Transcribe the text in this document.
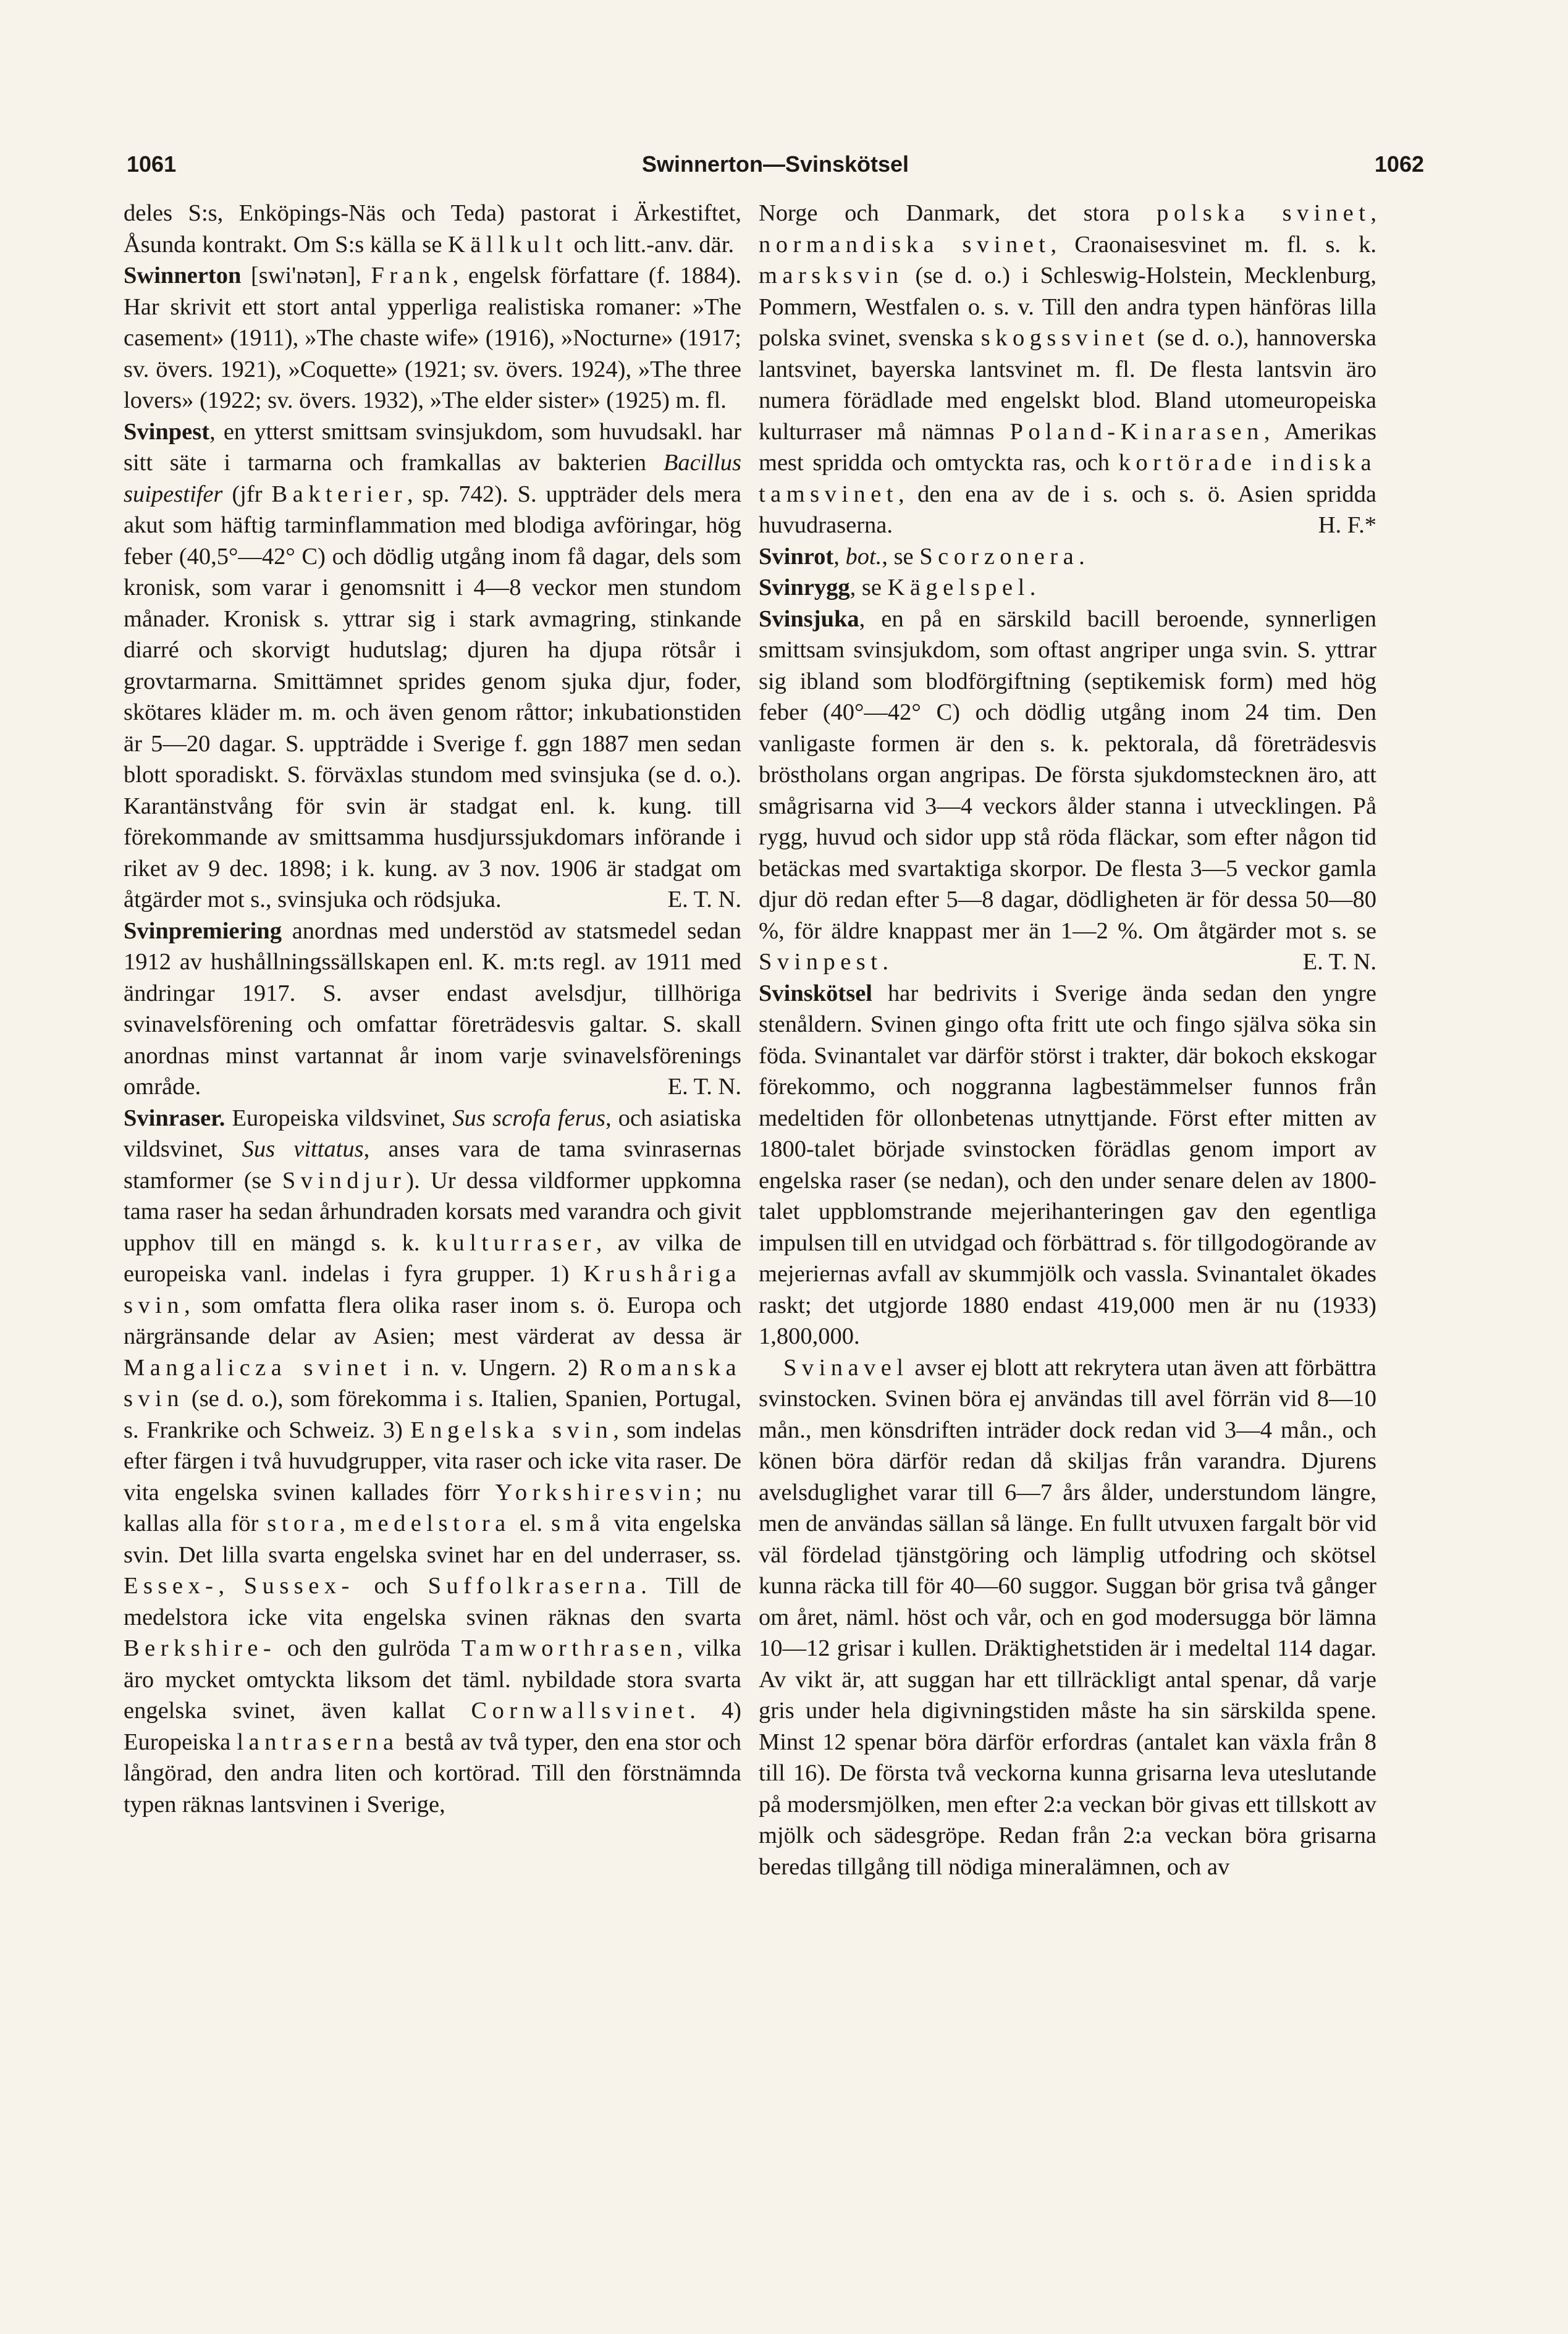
1061	Swinnerton—Svinskötsel	1062

deles S:s, Enköpings-Näs och Teda) pastorat i Ärkestiftet, Åsunda kontrakt. Om S:s källa se Källkult och litt.-anv. där.

Swinnerton [swi'nətən], Frank, engelsk författare (f. 1884). Har skrivit ett stort antal ypperliga realistiska romaner: »The casement» (1911), »The chaste wife» (1916), »Nocturne» (1917; sv. övers. 1921), »Coquette» (1921; sv. övers. 1924), »The three lovers» (1922; sv. övers. 1932), »The elder sister» (1925) m. fl.

Svinpest, en ytterst smittsam svinsjukdom, som huvudsakl. har sitt säte i tarmarna och framkallas av bakterien Bacillus suipestifer (jfr Bakterier, sp. 742). S. uppträder dels mera akut som häftig tarminflammation med blodiga avföringar, hög feber (40,5°—42° C) och dödlig utgång inom få dagar, dels som kronisk, som varar i genomsnitt i 4—8 veckor men stundom månader. Kronisk s. yttrar sig i stark avmagring, stinkande diarré och skorvigt hudutslag; djuren ha djupa rötsår i grovtarmarna. Smittämnet sprides genom sjuka djur, foder, skötares kläder m. m. och även genom råttor; inkubationstiden är 5—20 dagar. S. uppträdde i Sverige f. ggn 1887 men sedan blott sporadiskt. S. förväxlas stundom med svinsjuka (se d. o.). Karantänstvång för svin är stadgat enl. k. kung. till förekommande av smittsamma husdjurssjukdomars införande i riket av 9 dec. 1898; i k. kung. av 3 nov. 1906 är stadgat om åtgärder mot s., svinsjuka och rödsjuka.	E. T. N.

Svinpremiering anordnas med understöd av statsmedel sedan 1912 av hushållningssällskapen enl. K. m:ts regl. av 1911 med ändringar 1917. S. avser endast avelsdjur, tillhöriga svinavelsförening och omfattar företrädesvis galtar. S. skall anordnas minst vartannat år inom varje svinavelsförenings område.	E. T. N.

Svinraser. Europeiska vildsvinet, Sus scrofa ferus, och asiatiska vildsvinet, Sus vittatus, anses vara de tama svinrasernas stamformer (se Svindjur). Ur dessa vildformer uppkomna tama raser ha sedan århundraden korsats med varandra och givit upphov till en mängd s. k. kulturraser, av vilka de europeiska vanl. indelas i fyra grupper. 1) Krushåriga svin, som omfatta flera olika raser inom s. ö. Europa och närgränsande delar av Asien; mest värderat av dessa är Mangalicza svinet i n. v. Ungern. 2) Romanska svin (se d. o.), som förekomma i s. Italien, Spanien, Portugal, s. Frankrike och Schweiz. 3) Engelska svin, som indelas efter färgen i två huvudgrupper, vita raser och icke vita raser. De vita engelska svinen kallades förr Yorkshiresvin; nu kallas alla för stora, medelstora el. små vita engelska svin. Det lilla svarta engelska svinet har en del underraser, ss. Essex-, Sussex- och Suffolkraserna. Till de medelstora icke vita engelska svinen räknas den svarta Berkshire- och den gulröda Tamworthrasen, vilka äro mycket omtyckta liksom det täml. nybildade stora svarta engelska svinet, även kallat Cornwallsvinet. 4) Europeiska lantraserna bestå av två typer, den ena stor och långörad, den andra liten och kortörad. Till den förstnämnda typen räknas lantsvinen i Sverige,

Norge och Danmark, det stora polska svinet, normandiska svinet, Craonaisesvinet m. fl. s. k. marsksvin (se d. o.) i Schleswig-Holstein, Mecklenburg, Pommern, Westfalen o. s. v. Till den andra typen hänföras lilla polska svinet, svenska skogssvinet (se d. o.), hannoverska lantsvinet, bayerska lantsvinet m. fl. De flesta lantsvin äro numera förädlade med engelskt blod. Bland utomeuropeiska kulturraser må nämnas Poland-Kinarasen, Amerikas mest spridda och omtyckta ras, och kortörade indiska tamsvinet, den ena av de i s. och s. ö. Asien spridda huvudraserna.	H. F.*

Svinrot, bot., se Scorzonera.

Svinrygg, se Kägelspel.

Svinsjuka, en på en särskild bacill beroende, synnerligen smittsam svinsjukdom, som oftast angriper unga svin. S. yttrar sig ibland som blodförgiftning (septikemisk form) med hög feber (40°—42° C) och dödlig utgång inom 24 tim. Den vanligaste formen är den s. k. pektorala, då företrädesvis bröstholans organ angripas. De första sjukdomstecknen äro, att smågrisarna vid 3—4 veckors ålder stanna i utvecklingen. På rygg, huvud och sidor upp stå röda fläckar, som efter någon tid betäckas med svartaktiga skorpor. De flesta 3—5 veckor gamla djur dö redan efter 5—8 dagar, dödligheten är för dessa 50—80 %, för äldre knappast mer än 1—2 %. Om åtgärder mot s. se Svinpest.	E. T. N.

Svinskötsel har bedrivits i Sverige ända sedan den yngre stenåldern. Svinen gingo ofta fritt ute och fingo själva söka sin föda. Svinantalet var därför störst i trakter, där bokoch ekskogar förekommo, och noggranna lagbestämmelser funnos från medeltiden för ollonbetenas utnyttjande. Först efter mitten av 1800-talet började svinstocken förädlas genom import av engelska raser (se nedan), och den under senare delen av 1800-talet uppblomstrande mejerihanteringen gav den egentliga impulsen till en utvidgad och förbättrad s. för tillgodogörande av mejeriernas avfall av skummjölk och vassla. Svinantalet ökades raskt; det utgjorde 1880 endast 419,000 men är nu (1933) 1,800,000.

Svinavel avser ej blott att rekrytera utan även att förbättra svinstocken. Svinen böra ej användas till avel förrän vid 8—10 mån., men könsdriften inträder dock redan vid 3—4 mån., och könen böra därför redan då skiljas från varandra. Djurens avelsduglighet varar till 6—7 års ålder, understundom längre, men de användas sällan så länge. En fullt utvuxen fargalt bör vid väl fördelad tjänstgöring och lämplig utfodring och skötsel kunna räcka till för 40—60 suggor. Suggan bör grisa två gånger om året, näml. höst och vår, och en god modersugga bör lämna 10—12 grisar i kullen. Dräktighetstiden är i medeltal 114 dagar. Av vikt är, att suggan har ett tillräckligt antal spenar, då varje gris under hela digivningstiden måste ha sin särskilda spene. Minst 12 spenar böra därför erfordras (antalet kan växla från 8 till 16). De första två veckorna kunna grisarna leva uteslutande på modersmjölken, men efter 2:a veckan bör givas ett tillskott av mjölk och sädesgröpe. Redan från 2:a veckan böra grisarna beredas tillgång till nödiga mineralämnen, och av
